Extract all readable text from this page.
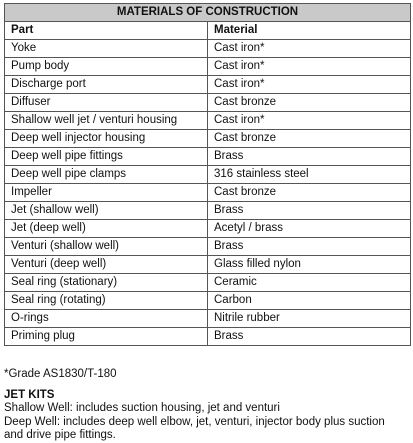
MATERIALS OF CONSTRUCTION	
Part	Material
Yoke	Cast iron*
Pump body	Cast iron*
Discharge port	Cast iron*
Diffuser	Cast bronze
Shallow well jet / venturi housing	Cast iron*
Deep well injector housing	Cast bronze
Deep well pipe fittings	Brass
Deep well pipe clamps	316 stainless steel
Impeller	Cast bronze
Jet (shallow well)	Brass
Jet (deep well)	Acetyl / brass
Venturi (shallow well)	Brass
Venturi (deep well)	Glass filled nylon
Seal ring (stationary)	Ceramic
Seal ring (rotating)	Carbon
O-rings	Nitrile rubber
Priming plug	Brass
*Grade AS1830/T-180
JET KITS
Shallow Well: includes suction housing, jet and venturi
Deep Well: includes deep well elbow, jet, venturi, injector body plus suction
and drive pipe fittings.
